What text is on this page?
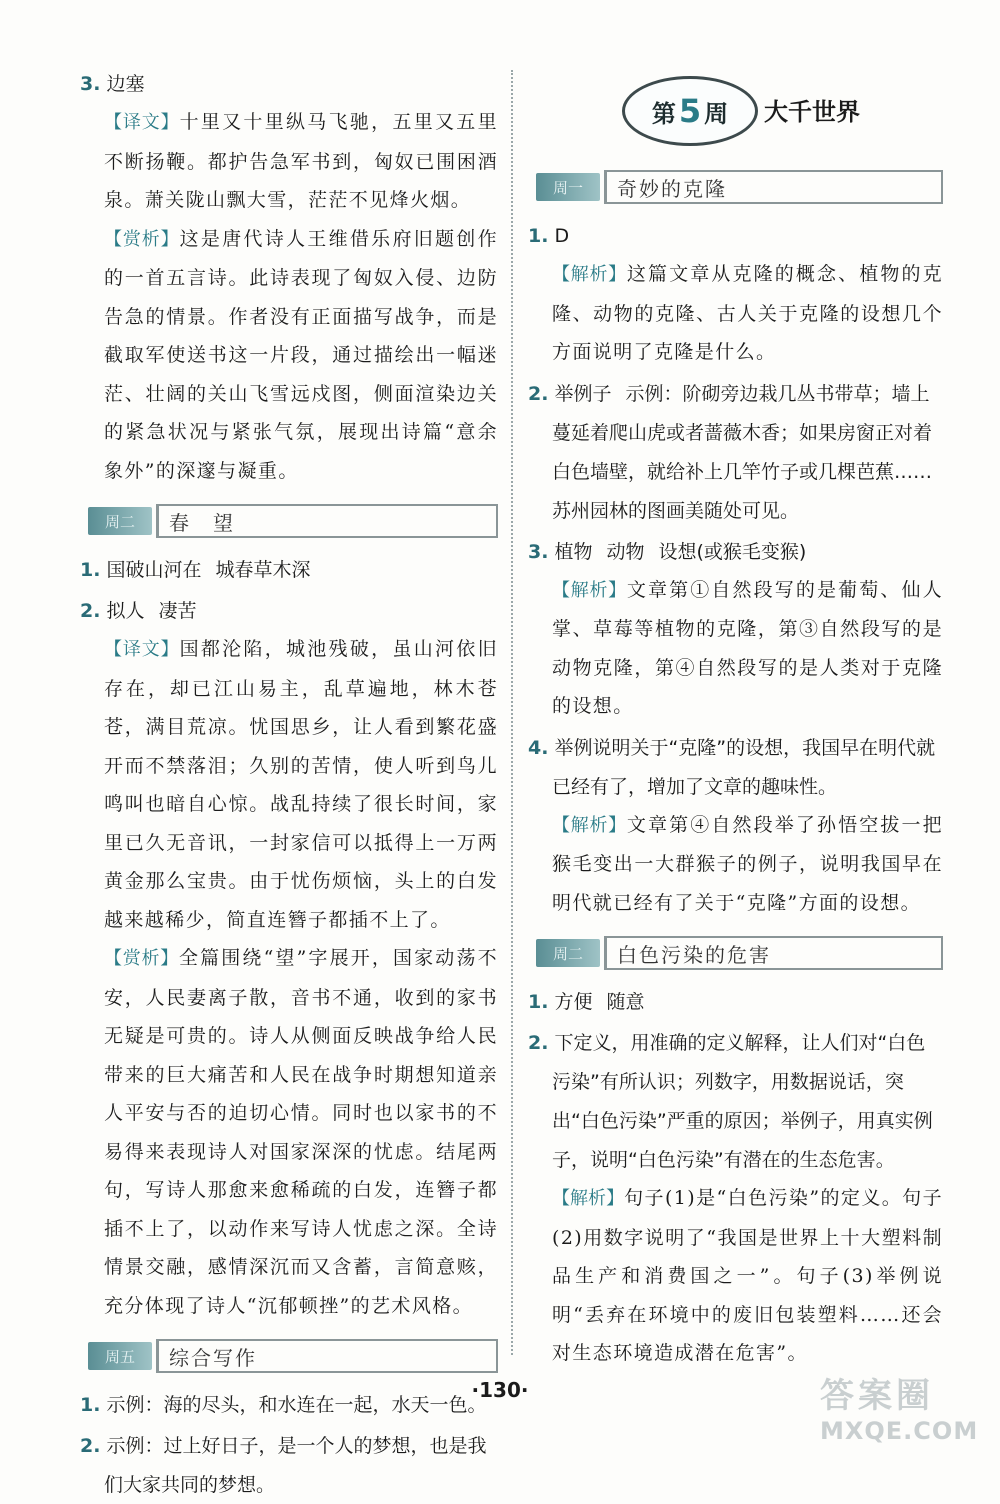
3. 边塞
【译文】十里又十里纵马飞驰，五里又五里不断扬鞭。都护告急军书到，匈奴已围困酒泉。萧关陇山飘大雪，茫茫不见烽火烟。
【赏析】这是唐代诗人王维借乐府旧题创作的一首五言诗。此诗表现了匈奴入侵、边防告急的情景。作者没有正面描写战争，而是截取军使送书这一片段，通过描绘出一幅迷茫、壮阔的关山飞雪远戍图，侧面渲染边关的紧急状况与紧张气氛，展现出诗篇“意余象外”的深邃与凝重。
周二	春　望
1. 国破山河在 城春草木深
2. 拟人 凄苦
【译文】国都沦陷，城池残破，虽山河依旧存在，却已江山易主，乱草遍地，林木苍苍，满目荒凉。忧国思乡，让人看到繁花盛开而不禁落泪；久别的苦情，使人听到鸟儿鸣叫也暗自心惊。战乱持续了很长时间，家里已久无音讯，一封家信可以抵得上一万两黄金那么宝贵。由于忧伤烦恼，头上的白发越来越稀少，简直连簪子都插不上了。
【赏析】全篇围绕“望”字展开，国家动荡不安，人民妻离子散，音书不通，收到的家书无疑是可贵的。诗人从侧面反映战争给人民带来的巨大痛苦和人民在战争时期想知道亲人平安与否的迫切心情。同时也以家书的不易得来表现诗人对国家深深的忧虑。结尾两句，写诗人那愈来愈稀疏的白发，连簪子都插不上了，以动作来写诗人忧虑之深。全诗情景交融，感情深沉而又含蓄，言简意赅，充分体现了诗人“沉郁顿挫”的艺术风格。
周五	综合写作
1. 示例：海的尽头，和水连在一起，水天一色。
2. 示例：过上好日子，是一个人的梦想，也是我们大家共同的梦想。
第 5 周 大千世界
周一	奇妙的克隆
1. D
【解析】这篇文章从克隆的概念、植物的克隆、动物的克隆、古人关于克隆的设想几个方面说明了克隆是什么。
2. 举例子 示例：阶砌旁边栽几丛书带草；墙上蔓延着爬山虎或者蔷薇木香；如果房窗正对着白色墙壁，就给补上几竿竹子或几棵芭蕉……苏州园林的图画美随处可见。
3. 植物 动物 设想(或猴毛变猴)
【解析】文章第①自然段写的是葡萄、仙人掌、草莓等植物的克隆，第③自然段写的是动物克隆，第④自然段写的是人类对于克隆的设想。
4. 举例说明关于“克隆”的设想，我国早在明代就已经有了，增加了文章的趣味性。
【解析】文章第④自然段举了孙悟空拔一把猴毛变出一大群猴子的例子，说明我国早在明代就已经有了关于“克隆”方面的设想。
周二	白色污染的危害
1. 方便 随意
2. 下定义，用准确的定义解释，让人们对“白色污染”有所认识；列数字，用数据说话，突出“白色污染”严重的原因；举例子，用真实例子，说明“白色污染”有潜在的生态危害。
【解析】句子(1)是“白色污染”的定义。句子(2)用数字说明了“我国是世界上十大塑料制品生产和消费国之一”。句子(3)举例说明“丢弃在环境中的废旧包装塑料……还会对生态环境造成潜在危害”。
·130·	答案圈
MXQE.COM
